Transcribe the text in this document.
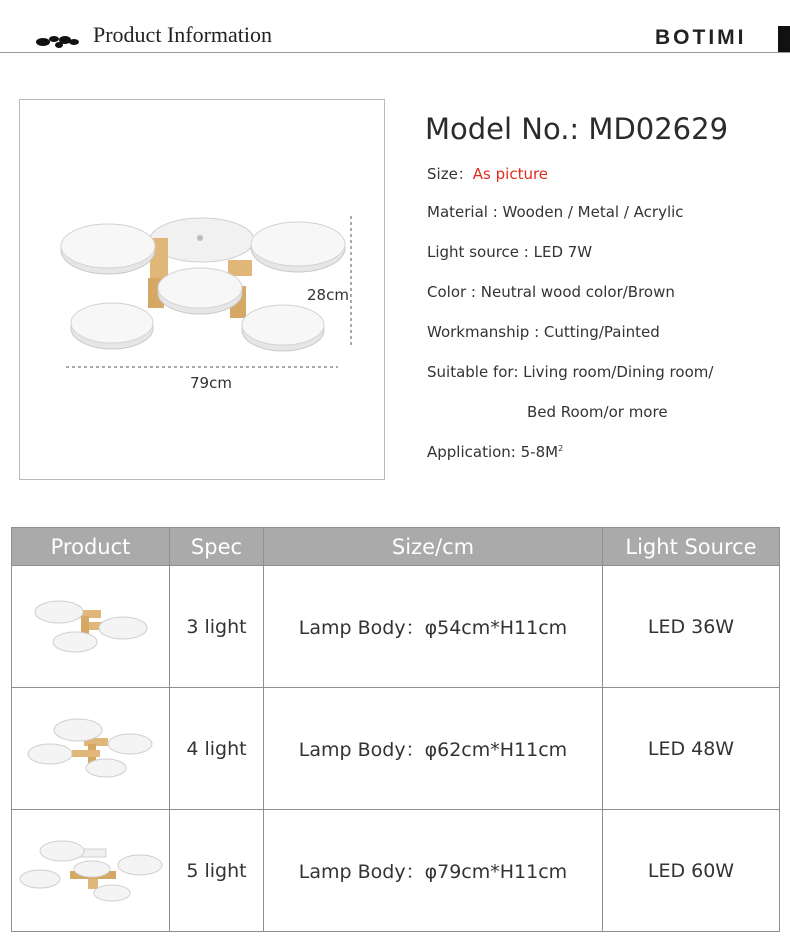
Product Information	BOTIMI
79cm
28cm
Model No.: MD02629
Size：As picture
Material : Wooden / Metal / Acrylic
Light source : LED 7W
Color : Neutral wood color/Brown
Workmanship : Cutting/Painted
Suitable for: Living room/Dining room/
Bed Room/or more
Application: $5-8M^2$
Product	Spec	Size/cm	Light Source

	3 light	Lamp Body：φ54cm*H11cm	LED 36W

	4 light	Lamp Body：φ62cm*H11cm	LED 48W

	5 light	Lamp Body：φ79cm*H11cm	LED 60W
